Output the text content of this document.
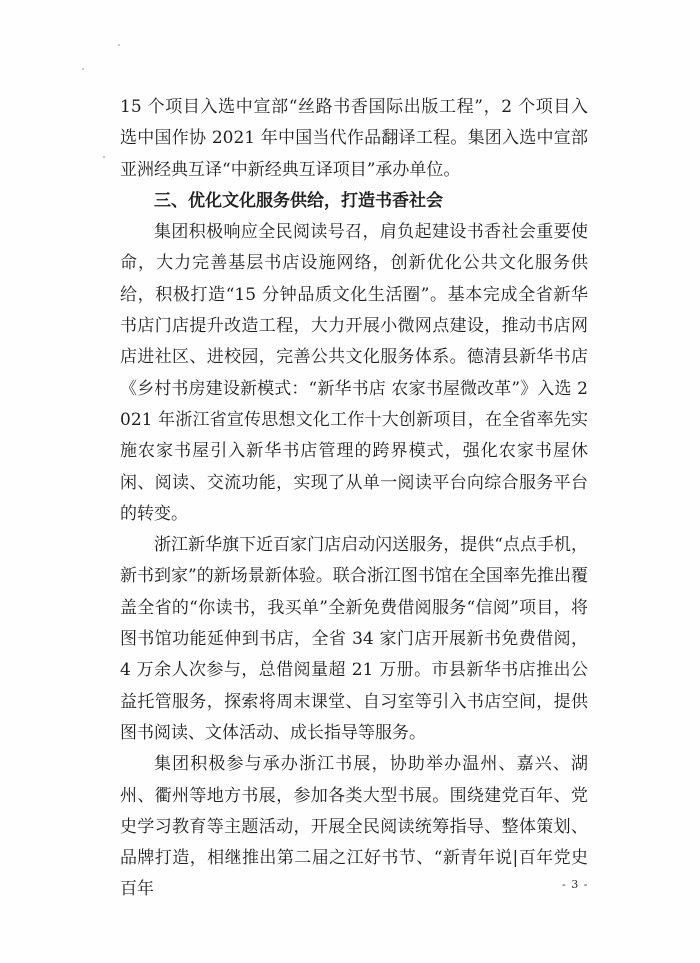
15 个项目入选中宣部“丝路书香国际出版工程”，2 个项目入选中国作协 2021 年中国当代作品翻译工程。集团入选中宣部亚洲经典互译“中新经典互译项目”承办单位。

三、优化文化服务供给，打造书香社会

集团积极响应全民阅读号召，肩负起建设书香社会重要使命，大力完善基层书店设施网络，创新优化公共文化服务供给，积极打造“15 分钟品质文化生活圈”。基本完成全省新华书店门店提升改造工程，大力开展小微网点建设，推动书店网店进社区、进校园，完善公共文化服务体系。德清县新华书店《乡村书房建设新模式：“新华书店 农家书屋微改革”》入选 2021 年浙江省宣传思想文化工作十大创新项目，在全省率先实施农家书屋引入新华书店管理的跨界模式，强化农家书屋休闲、阅读、交流功能，实现了从单一阅读平台向综合服务平台的转变。

浙江新华旗下近百家门店启动闪送服务，提供“点点手机，新书到家”的新场景新体验。联合浙江图书馆在全国率先推出覆盖全省的“你读书，我买单”全新免费借阅服务“信阅”项目，将图书馆功能延伸到书店，全省 34 家门店开展新书免费借阅，4 万余人次参与，总借阅量超 21 万册。市县新华书店推出公益托管服务，探索将周末课堂、自习室等引入书店空间，提供图书阅读、文体活动、成长指导等服务。

集团积极参与承办浙江书展，协助举办温州、嘉兴、湖州、衢州等地方书展，参加各类大型书展。围绕建党百年、党史学习教育等主题活动，开展全民阅读统筹指导、整体策划、品牌打造，相继推出第二届之江好书节、“新青年说|百年党史 百年	- 3 -
